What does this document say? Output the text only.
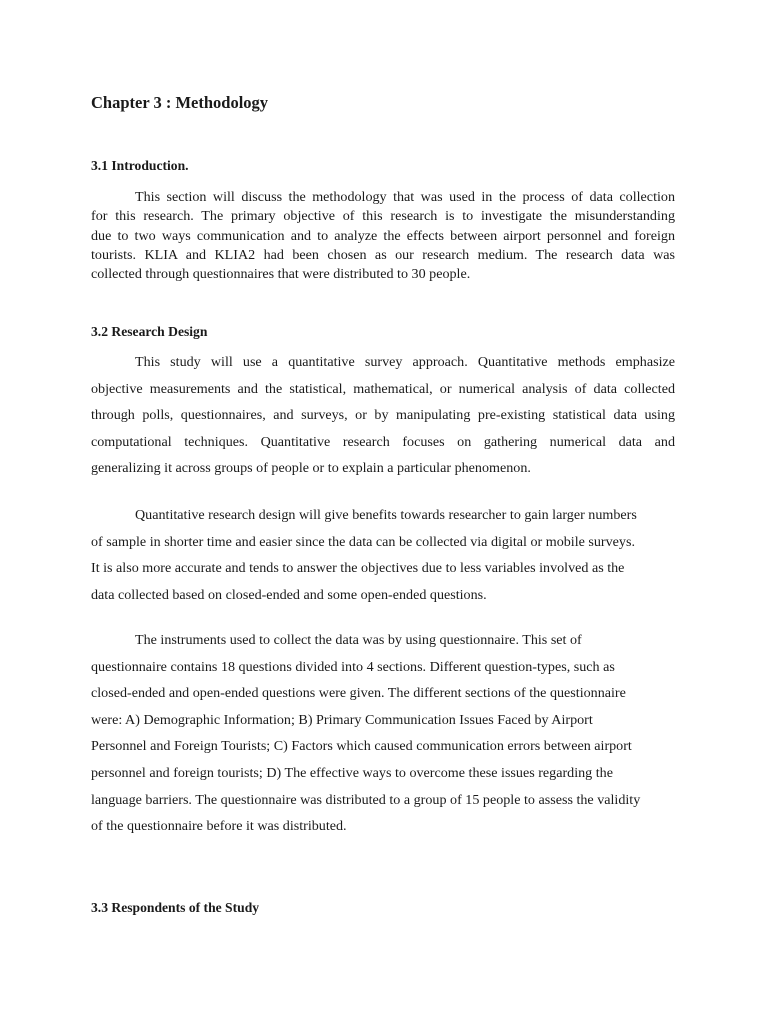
Chapter 3 : Methodology
3.1 Introduction.
This section will discuss the methodology that was used in the process of data collection
for this research. The primary objective of this research is to investigate the misunderstanding
due to two ways communication and to analyze the effects between airport personnel and foreign
tourists. KLIA and KLIA2 had been chosen as our research medium. The research data was
collected through questionnaires that were distributed to 30 people.
3.2 Research Design
This study will use a quantitative survey approach. Quantitative methods emphasize
objective measurements and the statistical, mathematical, or numerical analysis of data collected
through polls, questionnaires, and surveys, or by manipulating pre-existing statistical data using
computational techniques. Quantitative research focuses on gathering numerical data and
generalizing it across groups of people or to explain a particular phenomenon.
Quantitative research design will give benefits towards researcher to gain larger numbers
of sample in shorter time and easier since the data can be collected via digital or mobile surveys.
It is also more accurate and tends to answer the objectives due to less variables involved as the
data collected based on closed-ended and some open-ended questions.
The instruments used to collect the data was by using questionnaire. This set of
questionnaire contains 18 questions divided into 4 sections. Different question-types, such as
closed-ended and open-ended questions were given. The different sections of the questionnaire
were: A) Demographic Information; B) Primary Communication Issues Faced by Airport
Personnel and Foreign Tourists; C) Factors which caused communication errors between airport
personnel and foreign tourists; D) The effective ways to overcome these issues regarding the
language barriers. The questionnaire was distributed to a group of 15 people to assess the validity
of the questionnaire before it was distributed.
3.3 Respondents of the Study
